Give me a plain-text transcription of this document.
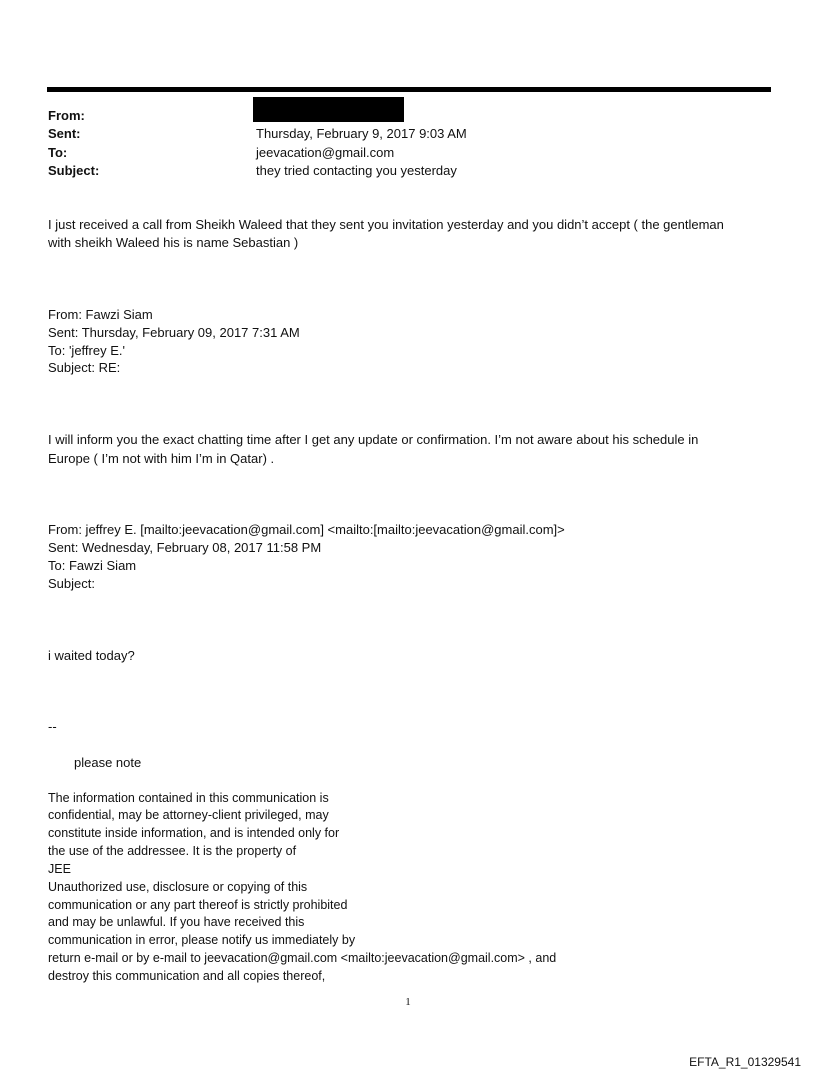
From:
Sent:	Thursday, February 9, 2017 9:03 AM
To:	jeevacation@gmail.com
Subject:	they tried contacting you yesterday
I just received a call from Sheikh Waleed that they sent you invitation yesterday and you didn’t accept ( the gentleman
with sheikh Waleed his is name Sebastian )
From: Fawzi Siam
Sent: Thursday, February 09, 2017 7:31 AM
To: 'jeffrey E.'
Subject: RE:
I will inform you the exact chatting time after I get any update or confirmation. I’m not aware about his schedule in
Europe ( I’m not with him I’m in Qatar) .
From: jeffrey E. [mailto:jeevacation@gmail.com] <mailto:[mailto:jeevacation@gmail.com]>
Sent: Wednesday, February 08, 2017 11:58 PM
To: Fawzi Siam
Subject:
i waited today?
--
please note
The information contained in this communication is
confidential, may be attorney-client privileged, may
constitute inside information, and is intended only for
the use of the addressee. It is the property of
JEE
Unauthorized use, disclosure or copying of this
communication or any part thereof is strictly prohibited
and may be unlawful. If you have received this
communication in error, please notify us immediately by
return e-mail or by e-mail to jeevacation@gmail.com <mailto:jeevacation@gmail.com> , and
destroy this communication and all copies thereof,
1
EFTA_R1_01329541
